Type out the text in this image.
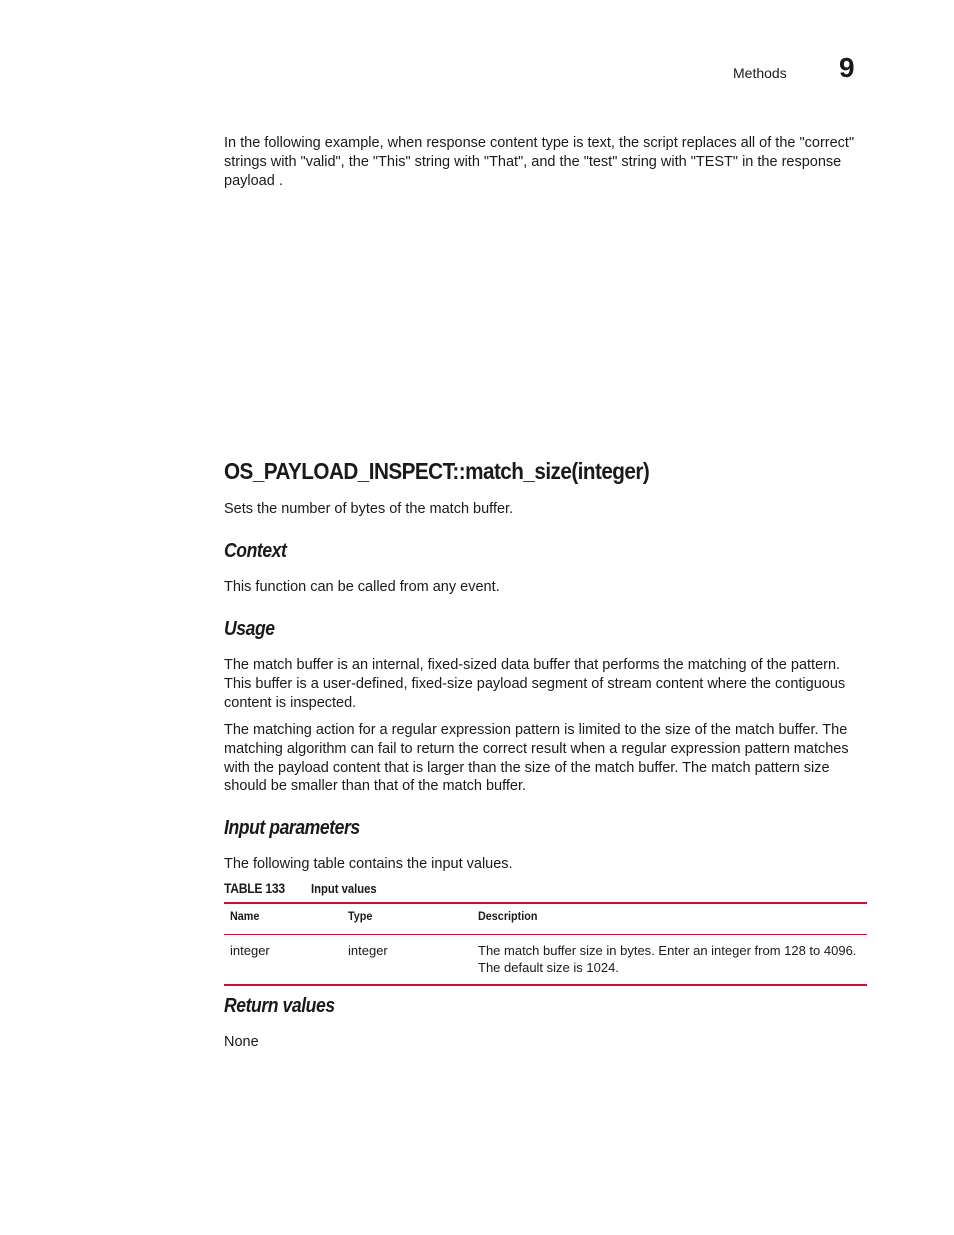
Methods 9

In the following example, when response content type is text, the script replaces all of the "correct" strings with "valid", the "This" string with "That", and the "test" string with "TEST" in the response payload .

OS_PAYLOAD_INSPECT::match_size(integer)

Sets the number of bytes of the match buffer.

Context

This function can be called from any event.

Usage

The match buffer is an internal, fixed-sized data buffer that performs the matching of the pattern. This buffer is a user-defined, fixed-size payload segment of stream content where the contiguous content is inspected.

The matching action for a regular expression pattern is limited to the size of the match buffer. The matching algorithm can fail to return the correct result when a regular expression pattern matches with the payload content that is larger than the size of the match buffer. The match pattern size should be smaller than that of the match buffer.

Input parameters

The following table contains the input values.

TABLE 133 Input values
Name	Type	Description
integer	integer	The match buffer size in bytes. Enter an integer from 128 to 4096. The default size is 1024.
Return values

None
